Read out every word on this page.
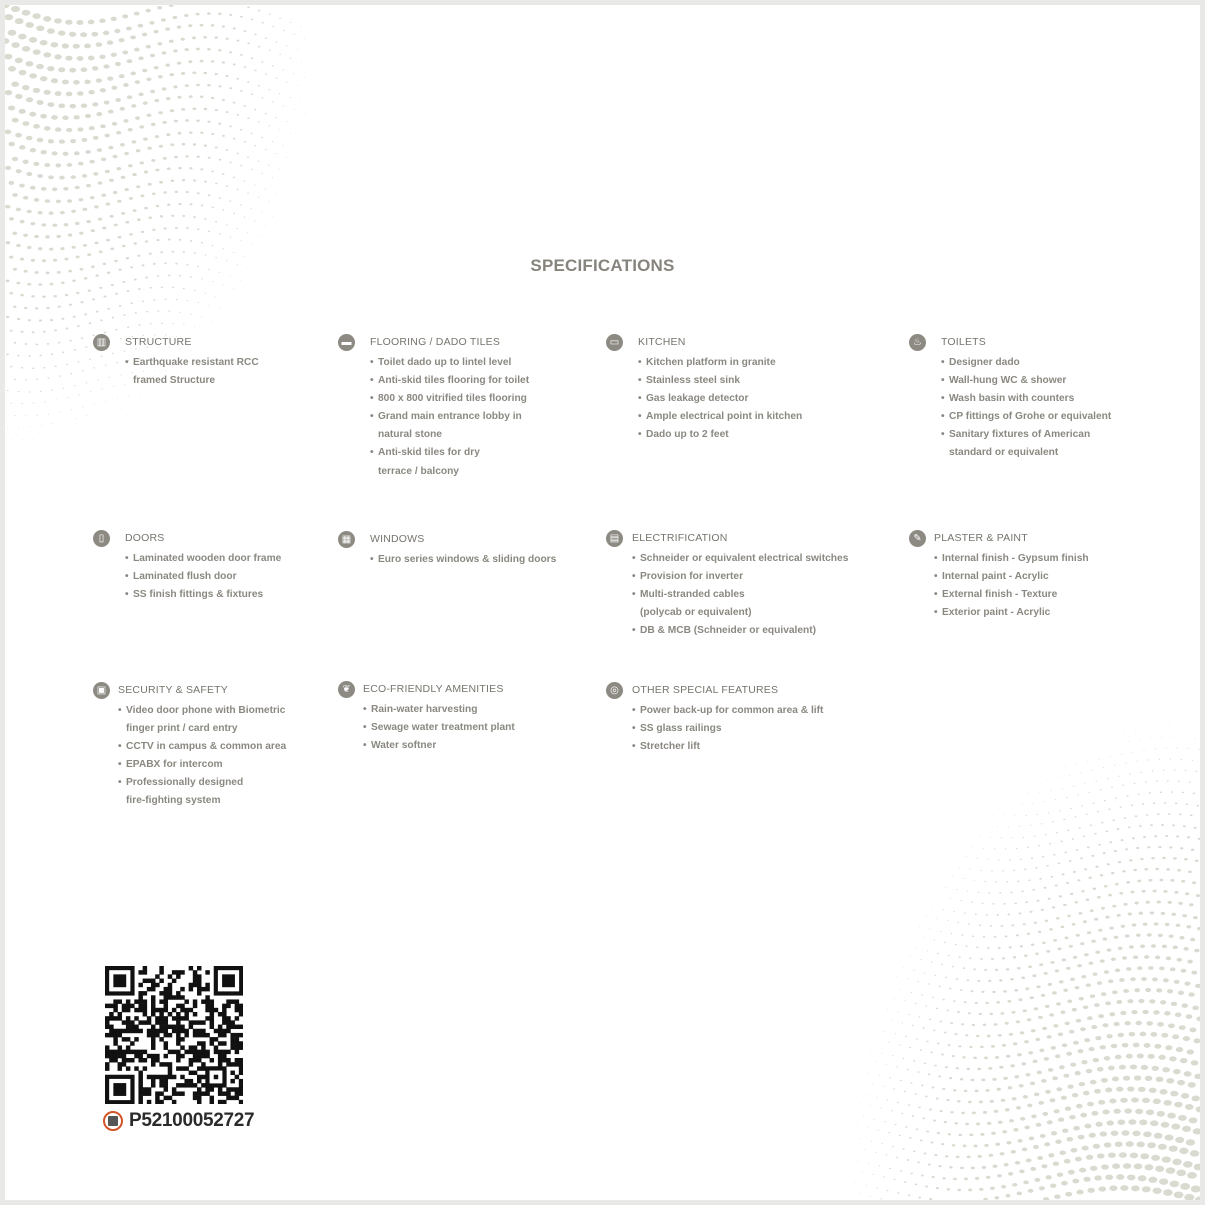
SPECIFICATIONS
▥	STRUCTURE
• Earthquake resistant RCC
framed Structure
▬	FLOORING / DADO TILES
• Toilet dado up to lintel level
• Anti-skid tiles flooring for toilet
• 800 x 800 vitrified tiles flooring
• Grand main entrance lobby in
natural stone
• Anti-skid tiles for dry
terrace / balcony
▭	KITCHEN
• Kitchen platform in granite
• Stainless steel sink
• Gas leakage detector
• Ample electrical point in kitchen
• Dado up to 2 feet
♨	TOILETS
• Designer dado
• Wall-hung WC & shower
• Wash basin with counters
• CP fittings of Grohe or equivalent
• Sanitary fixtures of American
standard or equivalent
▯	DOORS
• Laminated wooden door frame
• Laminated flush door
• SS finish fittings & fixtures
▦	WINDOWS
• Euro series windows & sliding doors
▤	ELECTRIFICATION
• Schneider or equivalent electrical switches
• Provision for inverter
• Multi-stranded cables
(polycab or equivalent)
• DB & MCB (Schneider or equivalent)
✎	PLASTER & PAINT
• Internal finish - Gypsum finish
• Internal paint - Acrylic
• External finish - Texture
• Exterior paint - Acrylic
▣	SECURITY & SAFETY
• Video door phone with Biometric
finger print / card entry
• CCTV in campus & common area
• EPABX for intercom
• Professionally designed
fire-fighting system
❦	ECO-FRIENDLY AMENITIES
• Rain-water harvesting
• Sewage water treatment plant
• Water softner
◎	OTHER SPECIAL FEATURES
• Power back-up for common area & lift
• SS glass railings
• Stretcher lift
P52100052727
